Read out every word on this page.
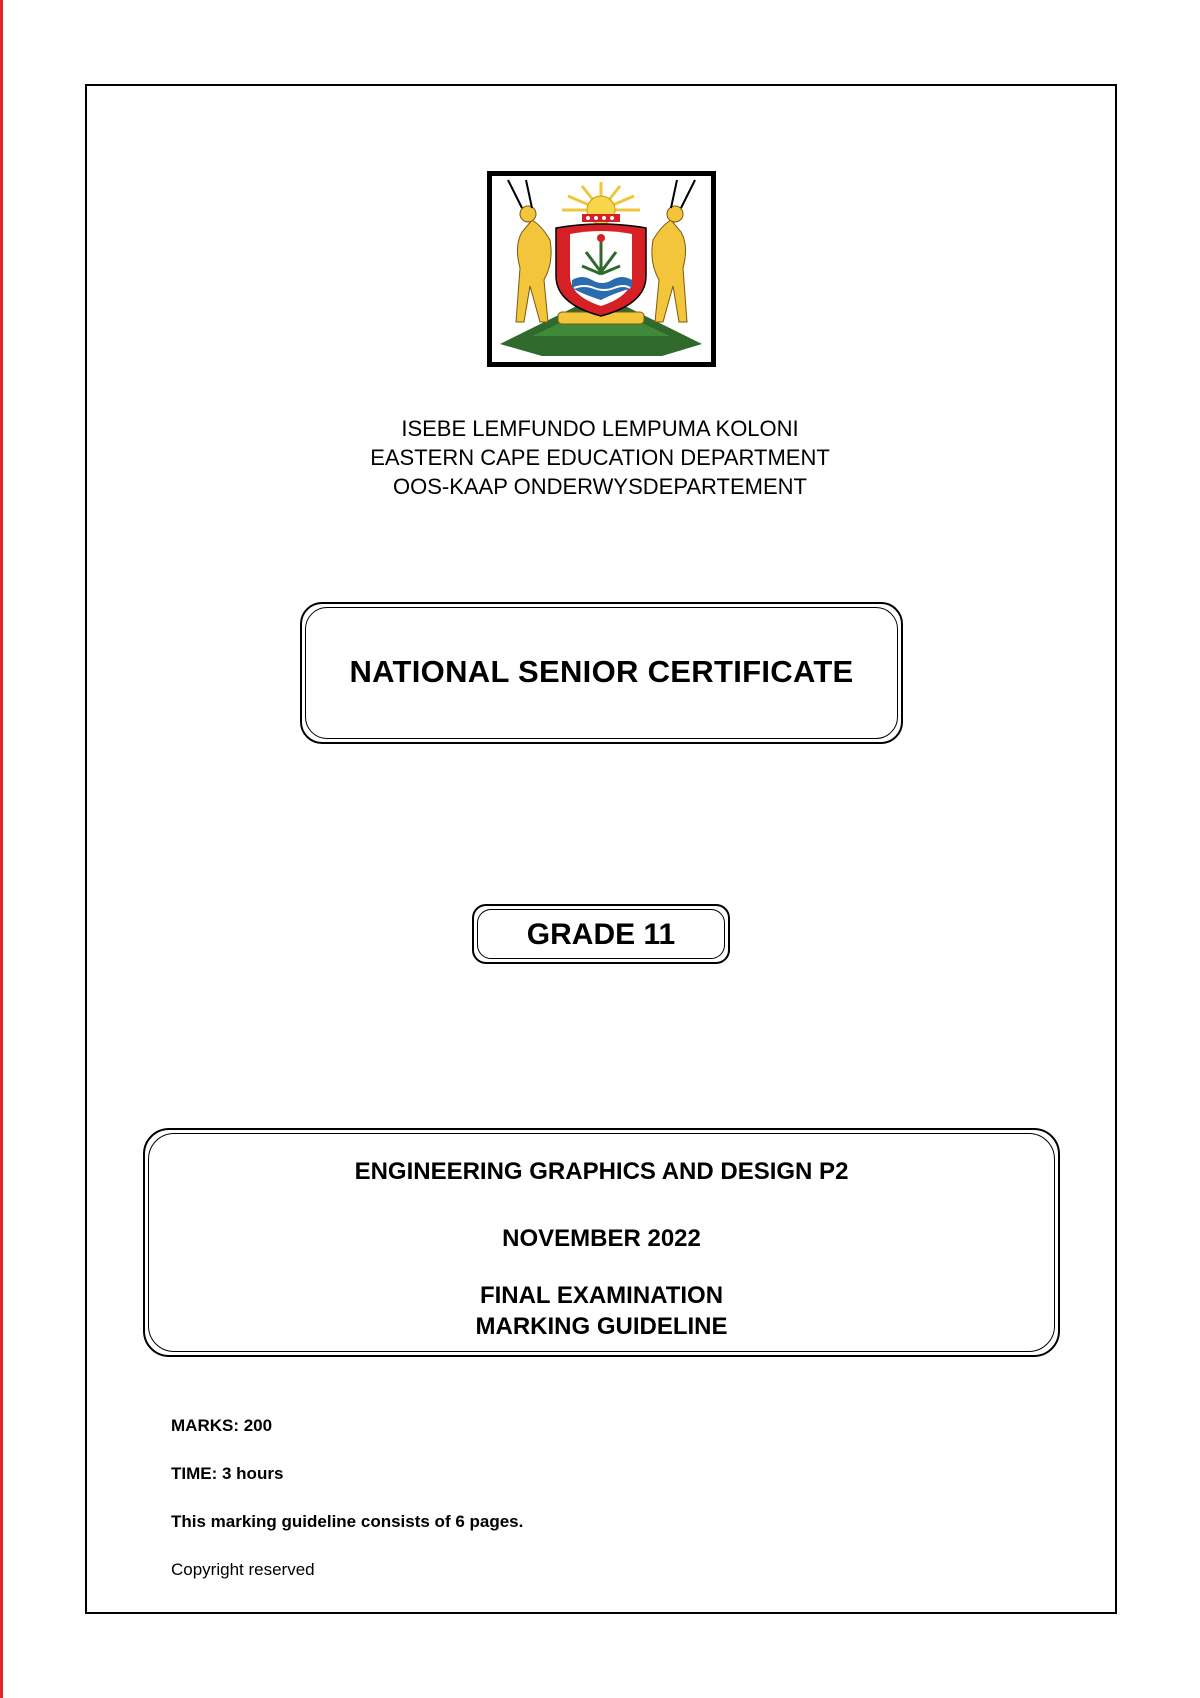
ISEBE LEMFUNDO LEMPUMA KOLONI
EASTERN CAPE EDUCATION DEPARTMENT
OOS-KAAP ONDERWYSDEPARTEMENT
NATIONAL SENIOR CERTIFICATE
GRADE 11
ENGINEERING GRAPHICS AND DESIGN P2
NOVEMBER 2022
FINAL EXAMINATION
MARKING GUIDELINE
MARKS: 200
TIME: 3 hours
This marking guideline consists of 6 pages.
Copyright reserved
